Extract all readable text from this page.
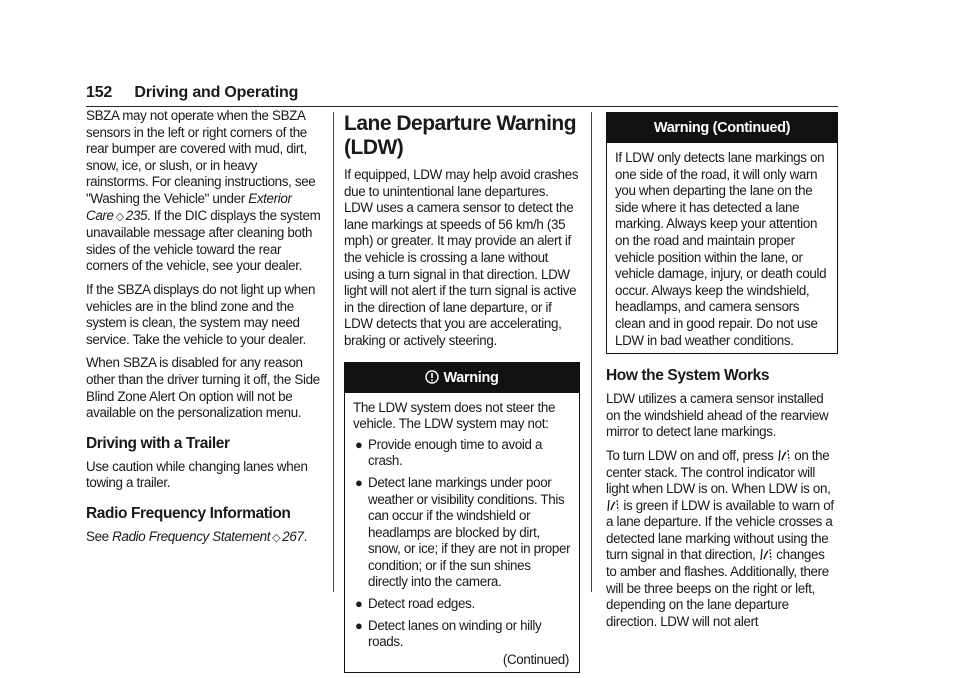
152 Driving and Operating

SBZA may not operate when the SBZA sensors in the left or right corners of the rear bumper are covered with mud, dirt, snow, ice, or slush, or in heavy rainstorms. For cleaning instructions, see "Washing the Vehicle" under Exterior Care ◇ 235. If the DIC displays the system unavailable message after cleaning both sides of the vehicle toward the rear corners of the vehicle, see your dealer.

If the SBZA displays do not light up when vehicles are in the blind zone and the system is clean, the system may need service. Take the vehicle to your dealer.

When SBZA is disabled for any reason other than the driver turning it off, the Side Blind Zone Alert On option will not be available on the personalization menu.

Driving with a Trailer

Use caution while changing lanes when towing a trailer.

Radio Frequency Information

See Radio Frequency Statement ◇ 267.

Lane Departure Warning (LDW)

If equipped, LDW may help avoid crashes due to unintentional lane departures. LDW uses a camera sensor to detect the lane markings at speeds of 56 km/h (35 mph) or greater. It may provide an alert if the vehicle is crossing a lane without using a turn signal in that direction. LDW light will not alert if the turn signal is active in the direction of lane departure, or if LDW detects that you are accelerating, braking or actively steering.

Warning
The LDW system does not steer the vehicle. The LDW system may not:
● Provide enough time to avoid a crash.
● Detect lane markings under poor weather or visibility conditions. This can occur if the windshield or headlamps are blocked by dirt, snow, or ice; if they are not in proper condition; or if the sun shines directly into the camera.
● Detect road edges.
● Detect lanes on winding or hilly roads.
(Continued)
Warning (Continued)
If LDW only detects lane markings on one side of the road, it will only warn you when departing the lane on the side where it has detected a lane marking. Always keep your attention on the road and maintain proper vehicle position within the lane, or vehicle damage, injury, or death could occur. Always keep the windshield, headlamps, and camera sensors clean and in good repair. Do not use LDW in bad weather conditions.
How the System Works

LDW utilizes a camera sensor installed on the windshield ahead of the rearview mirror to detect lane markings.

To turn LDW on and off, press  on the center stack. The control indicator will light when LDW is on. When LDW is on,  is green if LDW is available to warn of a lane departure. If the vehicle crosses a detected lane marking without using the turn signal in that direction,  changes to amber and flashes. Additionally, there will be three beeps on the right or left, depending on the lane departure direction. LDW will not alert
